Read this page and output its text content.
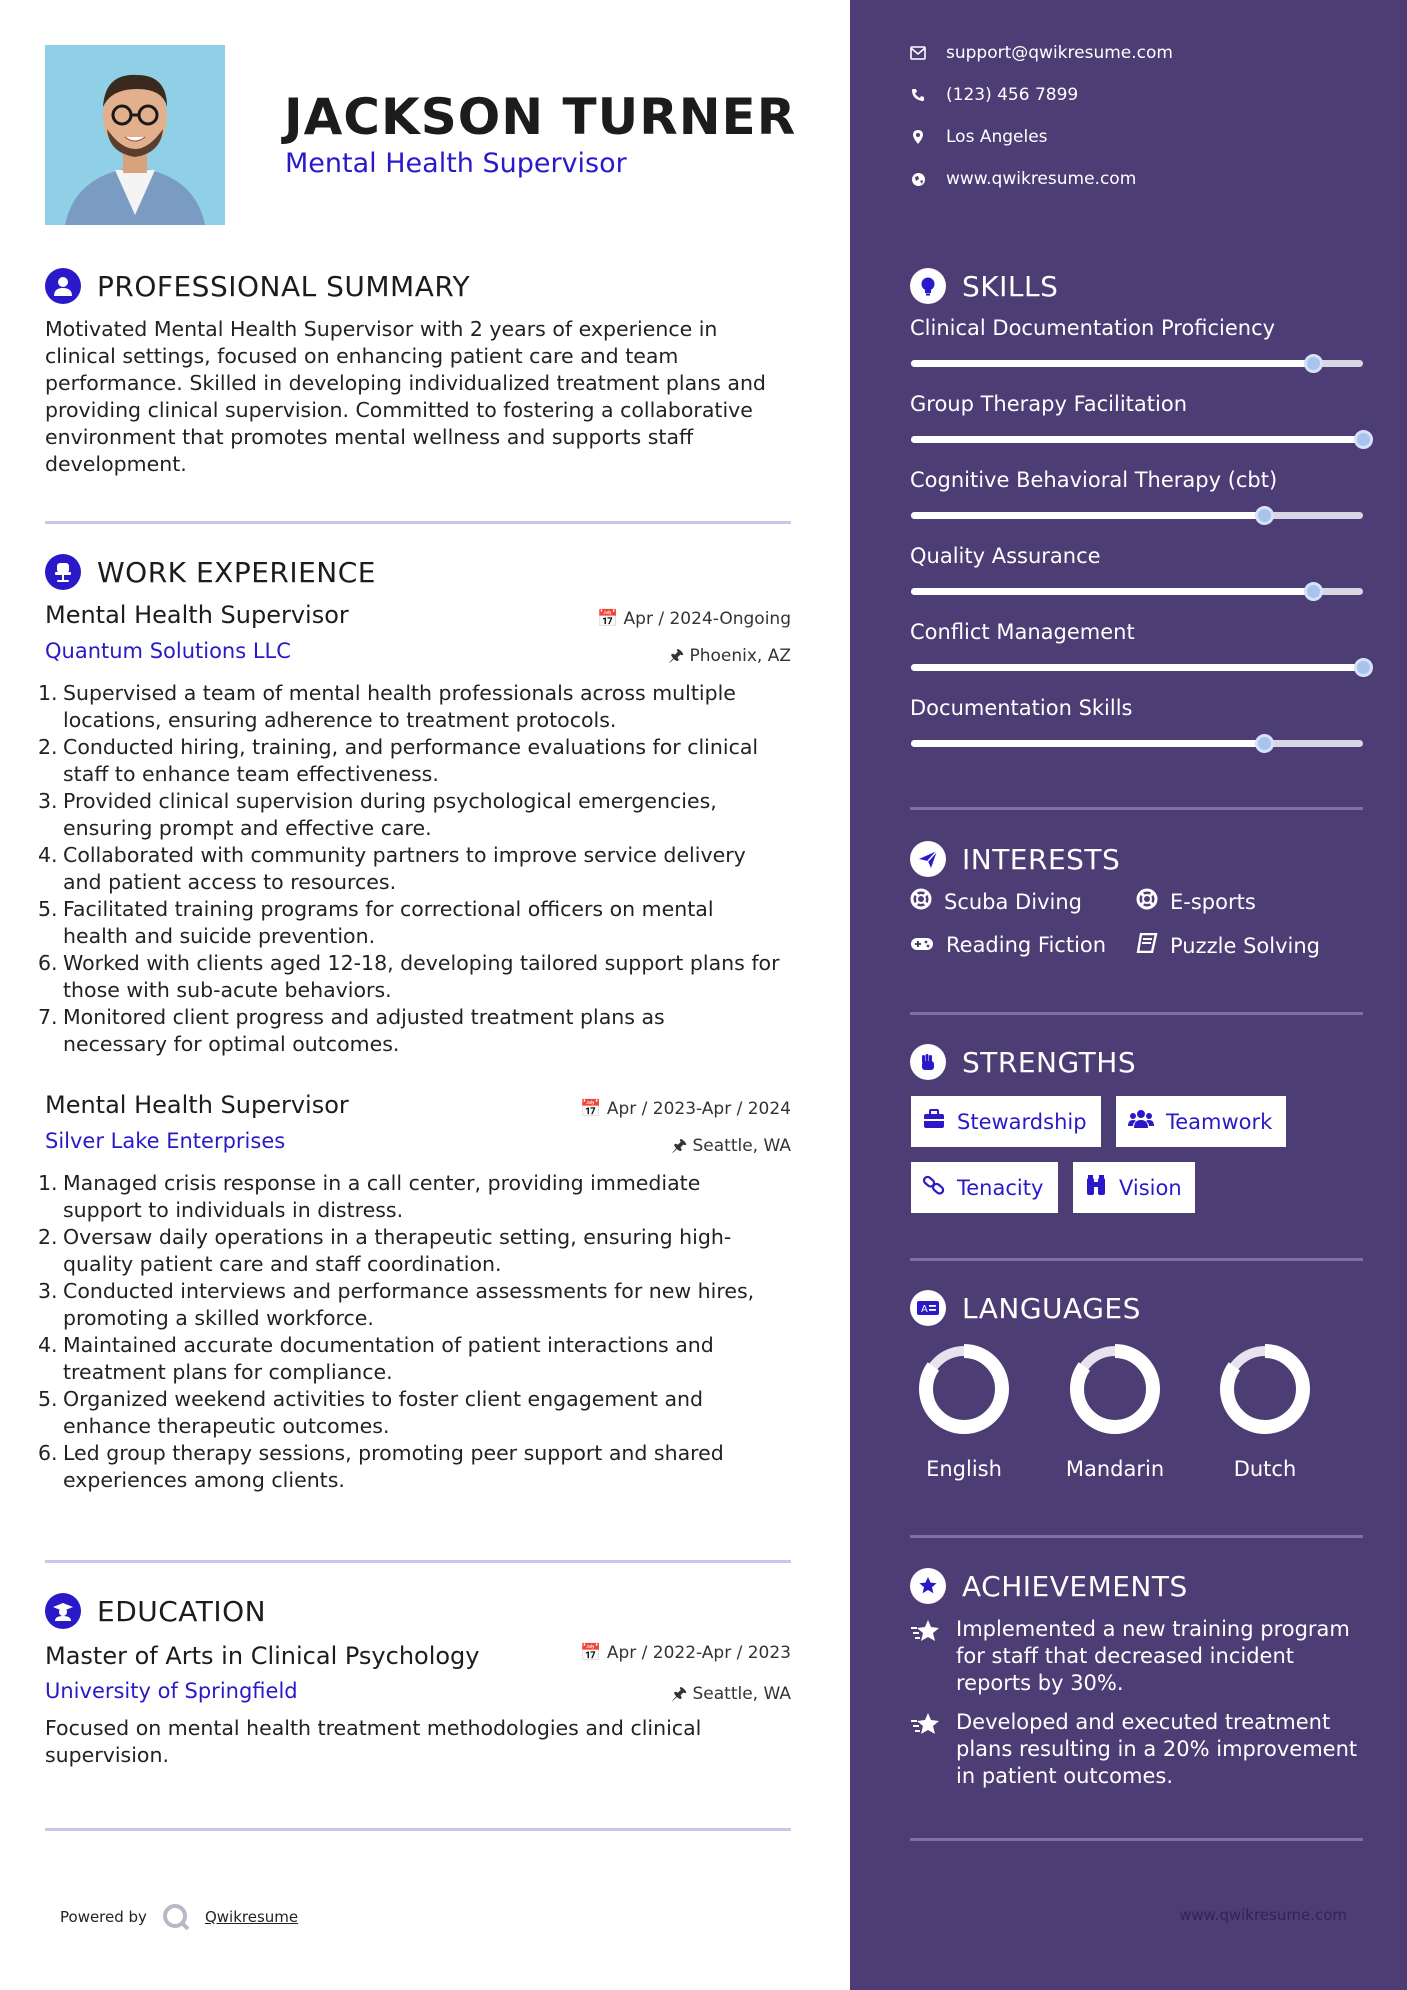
JACKSON TURNER
Mental Health Supervisor
PROFESSIONAL SUMMARY
Motivated Mental Health Supervisor with 2 years of experience in
clinical settings, focused on enhancing patient care and team
performance. Skilled in developing individualized treatment plans and
providing clinical supervision. Committed to fostering a collaborative
environment that promotes mental wellness and supports staff
development.
WORK EXPERIENCE
Mental Health Supervisor	📅 Apr / 2024-Ongoing
Quantum Solutions LLC	🖈 Phoenix, AZ
1. Supervised a team of mental health professionals across multiple
locations, ensuring adherence to treatment protocols.
2. Conducted hiring, training, and performance evaluations for clinical
staff to enhance team effectiveness.
3. Provided clinical supervision during psychological emergencies,
ensuring prompt and effective care.
4. Collaborated with community partners to improve service delivery
and patient access to resources.
5. Facilitated training programs for correctional officers on mental
health and suicide prevention.
6. Worked with clients aged 12-18, developing tailored support plans for
those with sub-acute behaviors.
7. Monitored client progress and adjusted treatment plans as
necessary for optimal outcomes.
Mental Health Supervisor	📅 Apr / 2023-Apr / 2024
Silver Lake Enterprises	🖈 Seattle, WA
1. Managed crisis response in a call center, providing immediate
support to individuals in distress.
2. Oversaw daily operations in a therapeutic setting, ensuring high-
quality patient care and staff coordination.
3. Conducted interviews and performance assessments for new hires,
promoting a skilled workforce.
4. Maintained accurate documentation of patient interactions and
treatment plans for compliance.
5. Organized weekend activities to foster client engagement and
enhance therapeutic outcomes.
6. Led group therapy sessions, promoting peer support and shared
experiences among clients.
EDUCATION
Master of Arts in Clinical Psychology	📅 Apr / 2022-Apr / 2023
University of Springfield	🖈 Seattle, WA
Focused on mental health treatment methodologies and clinical
supervision.
Powered by	Qwikresume
support@qwikresume.com
(123) 456 7899
Los Angeles
www.qwikresume.com
SKILLS
Clinical Documentation Proficiency
Group Therapy Facilitation
Cognitive Behavioral Therapy (cbt)
Quality Assurance
Conflict Management
Documentation Skills
INTERESTS
Scuba Diving	E-sports
Reading Fiction	Puzzle Solving
STRENGTHS
Stewardship	Teamwork
Tenacity	Vision
A LANGUAGES
English	Mandarin	Dutch
ACHIEVEMENTS
Implemented a new training program
for staff that decreased incident
reports by 30%.
Developed and executed treatment
plans resulting in a 20% improvement
in patient outcomes.
www.qwikresume.com
